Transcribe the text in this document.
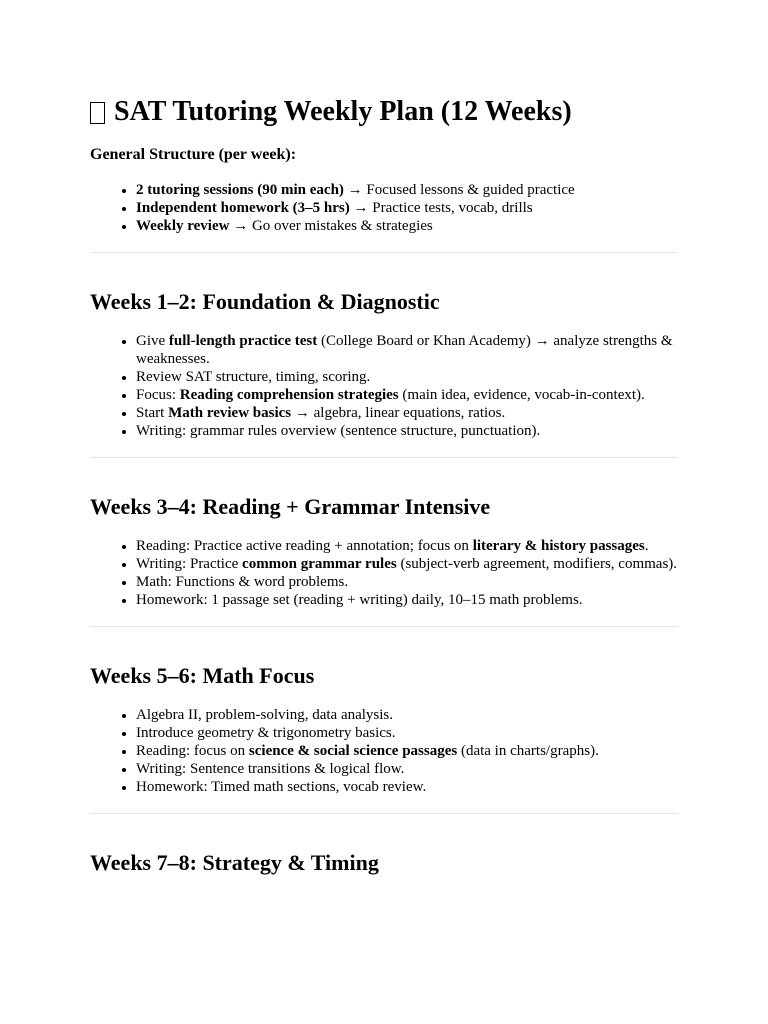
SAT Tutoring Weekly Plan (12 Weeks)
General Structure (per week):
• 2 tutoring sessions (90 min each) → Focused lessons & guided practice
• Independent homework (3–5 hrs) → Practice tests, vocab, drills
• Weekly review → Go over mistakes & strategies
Weeks 1–2: Foundation & Diagnostic
• Give full-length practice test (College Board or Khan Academy) → analyze strengths & weaknesses.
• Review SAT structure, timing, scoring.
• Focus: Reading comprehension strategies (main idea, evidence, vocab-in-context).
• Start Math review basics → algebra, linear equations, ratios.
• Writing: grammar rules overview (sentence structure, punctuation).
Weeks 3–4: Reading + Grammar Intensive
• Reading: Practice active reading + annotation; focus on literary & history passages.
• Writing: Practice common grammar rules (subject-verb agreement, modifiers, commas).
• Math: Functions & word problems.
• Homework: 1 passage set (reading + writing) daily, 10–15 math problems.
Weeks 5–6: Math Focus
• Algebra II, problem-solving, data analysis.
• Introduce geometry & trigonometry basics.
• Reading: focus on science & social science passages (data in charts/graphs).
• Writing: Sentence transitions & logical flow.
• Homework: Timed math sections, vocab review.
Weeks 7–8: Strategy & Timing
